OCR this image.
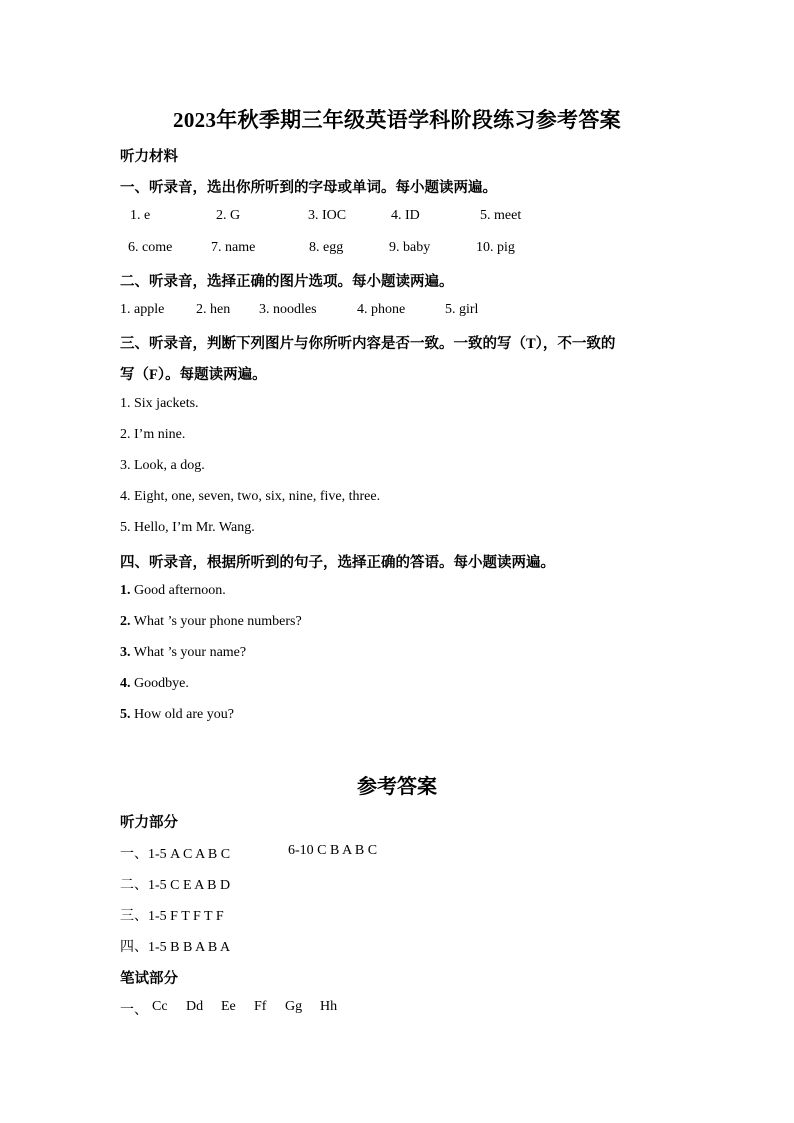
2023年秋季期三年级英语学科阶段练习参考答案
听力材料
一、听录音，选出你所听到的字母或单词。每小题读两遍。
1. e	2. G	3. IOC	4. ID	5. meet
6. come	7. name	8. egg	9. baby	10. pig
二、听录音，选择正确的图片选项。每小题读两遍。
1. apple 2. hen 3. noodles	4. phone	5. girl
三、听录音，判断下列图片与你所听内容是否一致。一致的写（T），不一致的
写（F）。每题读两遍。
1. Six jackets.
2. I’m nine.
3. Look, a dog.
4. Eight, one, seven, two, six, nine, five, three.
5. Hello, I’m Mr. Wang.
四、听录音，根据所听到的句子，选择正确的答语。每小题读两遍。
1. Good afternoon.
2. What ’s your phone numbers?
3. What ’s your name?
4. Goodbye.
5. How old are you?
参考答案
听力部分
一、1-5 A C A B C	6-10 C B A B C
二、1-5 C E A B D
三、1-5 F T F T F
四、1-5 B B A B A
笔试部分
一、 Cc Dd Ee Ff Gg Hh
